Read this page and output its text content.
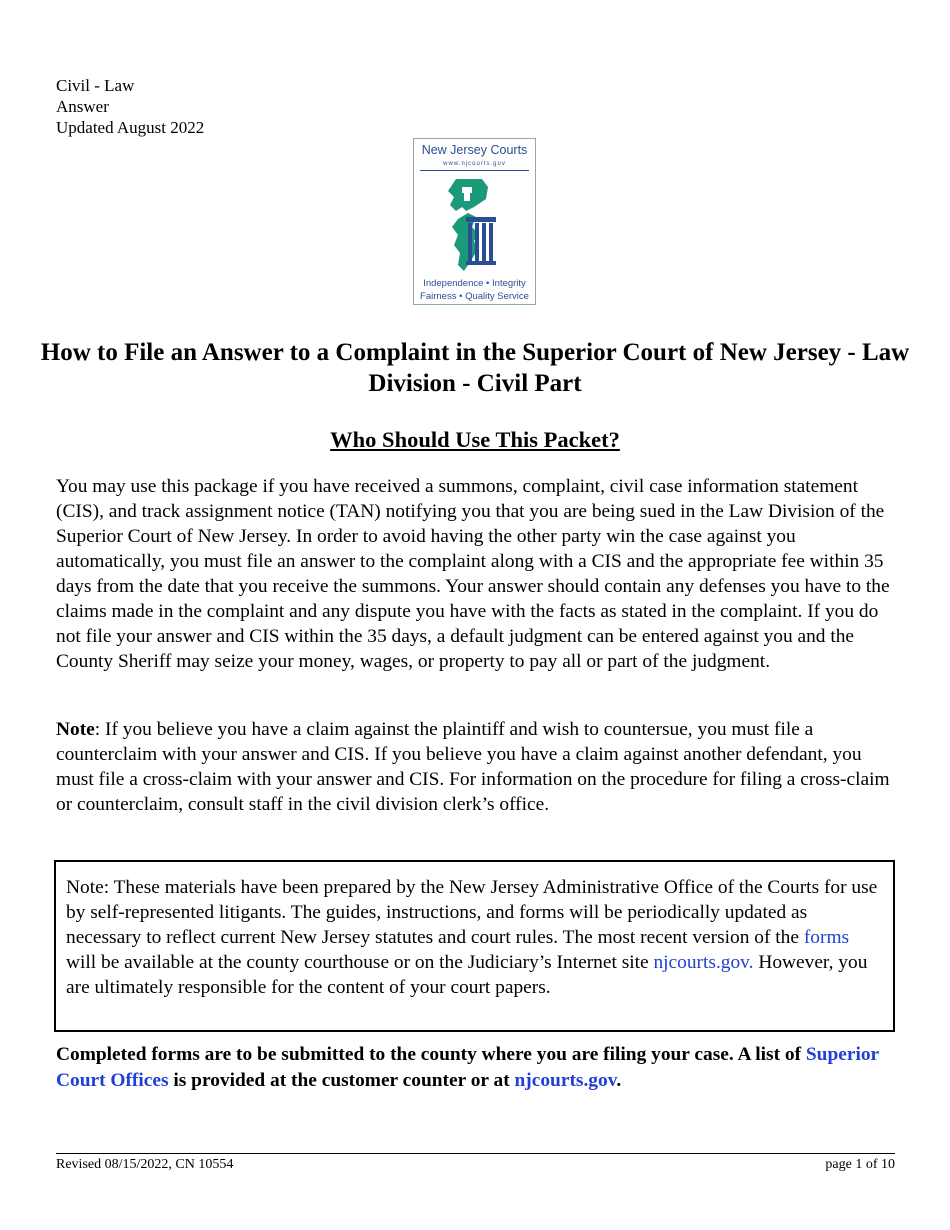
Civil - Law
Answer
Updated August 2022
New Jersey Courts
www.njcourts.gov
Independence • Integrity
Fairness • Quality Service
How to File an Answer to a Complaint in the Superior Court of New Jersey - Law Division - Civil Part
Who Should Use This Packet?
You may use this package if you have received a summons, complaint, civil case information statement (CIS), and track assignment notice (TAN) notifying you that you are being sued in the Law Division of the Superior Court of New Jersey. In order to avoid having the other party win the case against you automatically, you must file an answer to the complaint along with a CIS and the appropriate fee within 35 days from the date that you receive the summons. Your answer should contain any defenses you have to the claims made in the complaint and any dispute you have with the facts as stated in the complaint. If you do not file your answer and CIS within the 35 days, a default judgment can be entered against you and the County Sheriff may seize your money, wages, or property to pay all or part of the judgment.
Note: If you believe you have a claim against the plaintiff and wish to countersue, you must file a counterclaim with your answer and CIS. If you believe you have a claim against another defendant, you must file a cross-claim with your answer and CIS. For information on the procedure for filing a cross-claim or counterclaim, consult staff in the civil division clerk’s office.
Note: These materials have been prepared by the New Jersey Administrative Office of the Courts for use by self-represented litigants. The guides, instructions, and forms will be periodically updated as necessary to reflect current New Jersey statutes and court rules. The most recent version of the forms will be available at the county courthouse or on the Judiciary’s Internet site njcourts.gov. However, you are ultimately responsible for the content of your court papers.
Completed forms are to be submitted to the county where you are filing your case. A list of Superior Court Offices is provided at the customer counter or at njcourts.gov.
Revised 08/15/2022, CN 10554	page 1 of 10
